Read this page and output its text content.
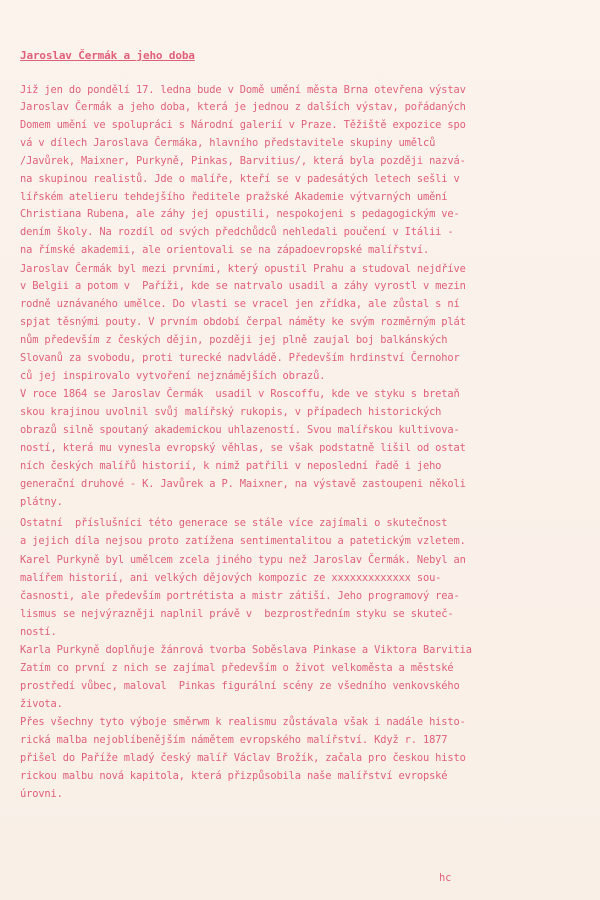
Jaroslav Čermák a jeho doba
Již jen do pondělí 17. ledna bude v Domě umění města Brna otevřena výstav
Jaroslav Čermák a jeho doba, která je jednou z dalších výstav, pořádaných
Domem umění ve spolupráci s Národní galerií v Praze. Těžiště expozice spo
vá v dílech Jaroslava Čermáka, hlavního představitele skupiny umělců
/Javůrek, Maixner, Purkyně, Pinkas, Barvitius/, která byla později nazvá-
na skupinou realistů. Jde o malíře, kteří se v padesátých letech sešli v
lířském atelieru tehdejšího ředitele pražské Akademie výtvarných umění
Christiana Rubena, ale záhy jej opustili, nespokojeni s pedagogickým ve-
dením školy. Na rozdíl od svých předchůdců nehledali poučení v Itálii -
na římské akademii, ale orientovali se na západoevropské malířství.
Jaroslav Čermák byl mezi prvními, který opustil Prahu a studoval nejdříve
v Belgii a potom v  Paříži, kde se natrvalo usadil a záhy vyrostl v mezin
rodně uznávaného umělce. Do vlasti se vracel jen zřídka, ale zůstal s ní
spjat těsnými pouty. V prvním období čerpal náměty ke svým rozměrným plát
nům především z českých dějin, později jej plně zaujal boj balkánských
Slovanů za svobodu, proti turecké nadvládě. Především hrdinství Černohor
ců jej inspirovalo vytvoření nejznámějších obrazů.
V roce 1864 se Jaroslav Čermák  usadil v Roscoffu, kde ve styku s bretaň
skou krajinou uvolnil svůj malířský rukopis, v případech historických
obrazů silně spoutaný akademickou uhlazeností. Svou malířskou kultivova-
ností, která mu vynesla evropský věhlas, se však podstatně lišil od ostat
ních českých malířů historií, k nimž patřili v neposlední řadě i jeho
generační druhové - K. Javůrek a P. Maixner, na výstavě zastoupeni několi
plátny.
Ostatní  příslušníci této generace se stále více zajímali o skutečnost
a jejich díla nejsou proto zatížena sentimentalitou a patetickým vzletem.
Karel Purkyně byl umělcem zcela jiného typu než Jaroslav Čermák. Nebyl an
malířem historií, ani velkých dějových kompozic ze xxxxxxxxxxxxx sou-
časnosti, ale především portrétista a mistr zátiší. Jeho programový rea-
lismus se nejvýrazněji naplnil právě v  bezprostředním styku se skuteč-
ností.
Karla Purkyně doplňuje žánrová tvorba Soběslava Pinkase a Viktora Barvitia
Zatím co první z nich se zajímal především o život velkoměsta a městské
prostředí vůbec, maloval  Pinkas figurální scény ze všedního venkovského
života.
Přes všechny tyto výboje směrwm k realismu zůstávala však i nadále histo-
rická malba nejoblíbenějším námětem evropského malířství. Když r. 1877
přišel do Paříže mladý český malíř Václav Brožík, začala pro českou histo
rickou malbu nová kapitola, která přizpůsobila naše malířství evropské
úrovni.
hc
